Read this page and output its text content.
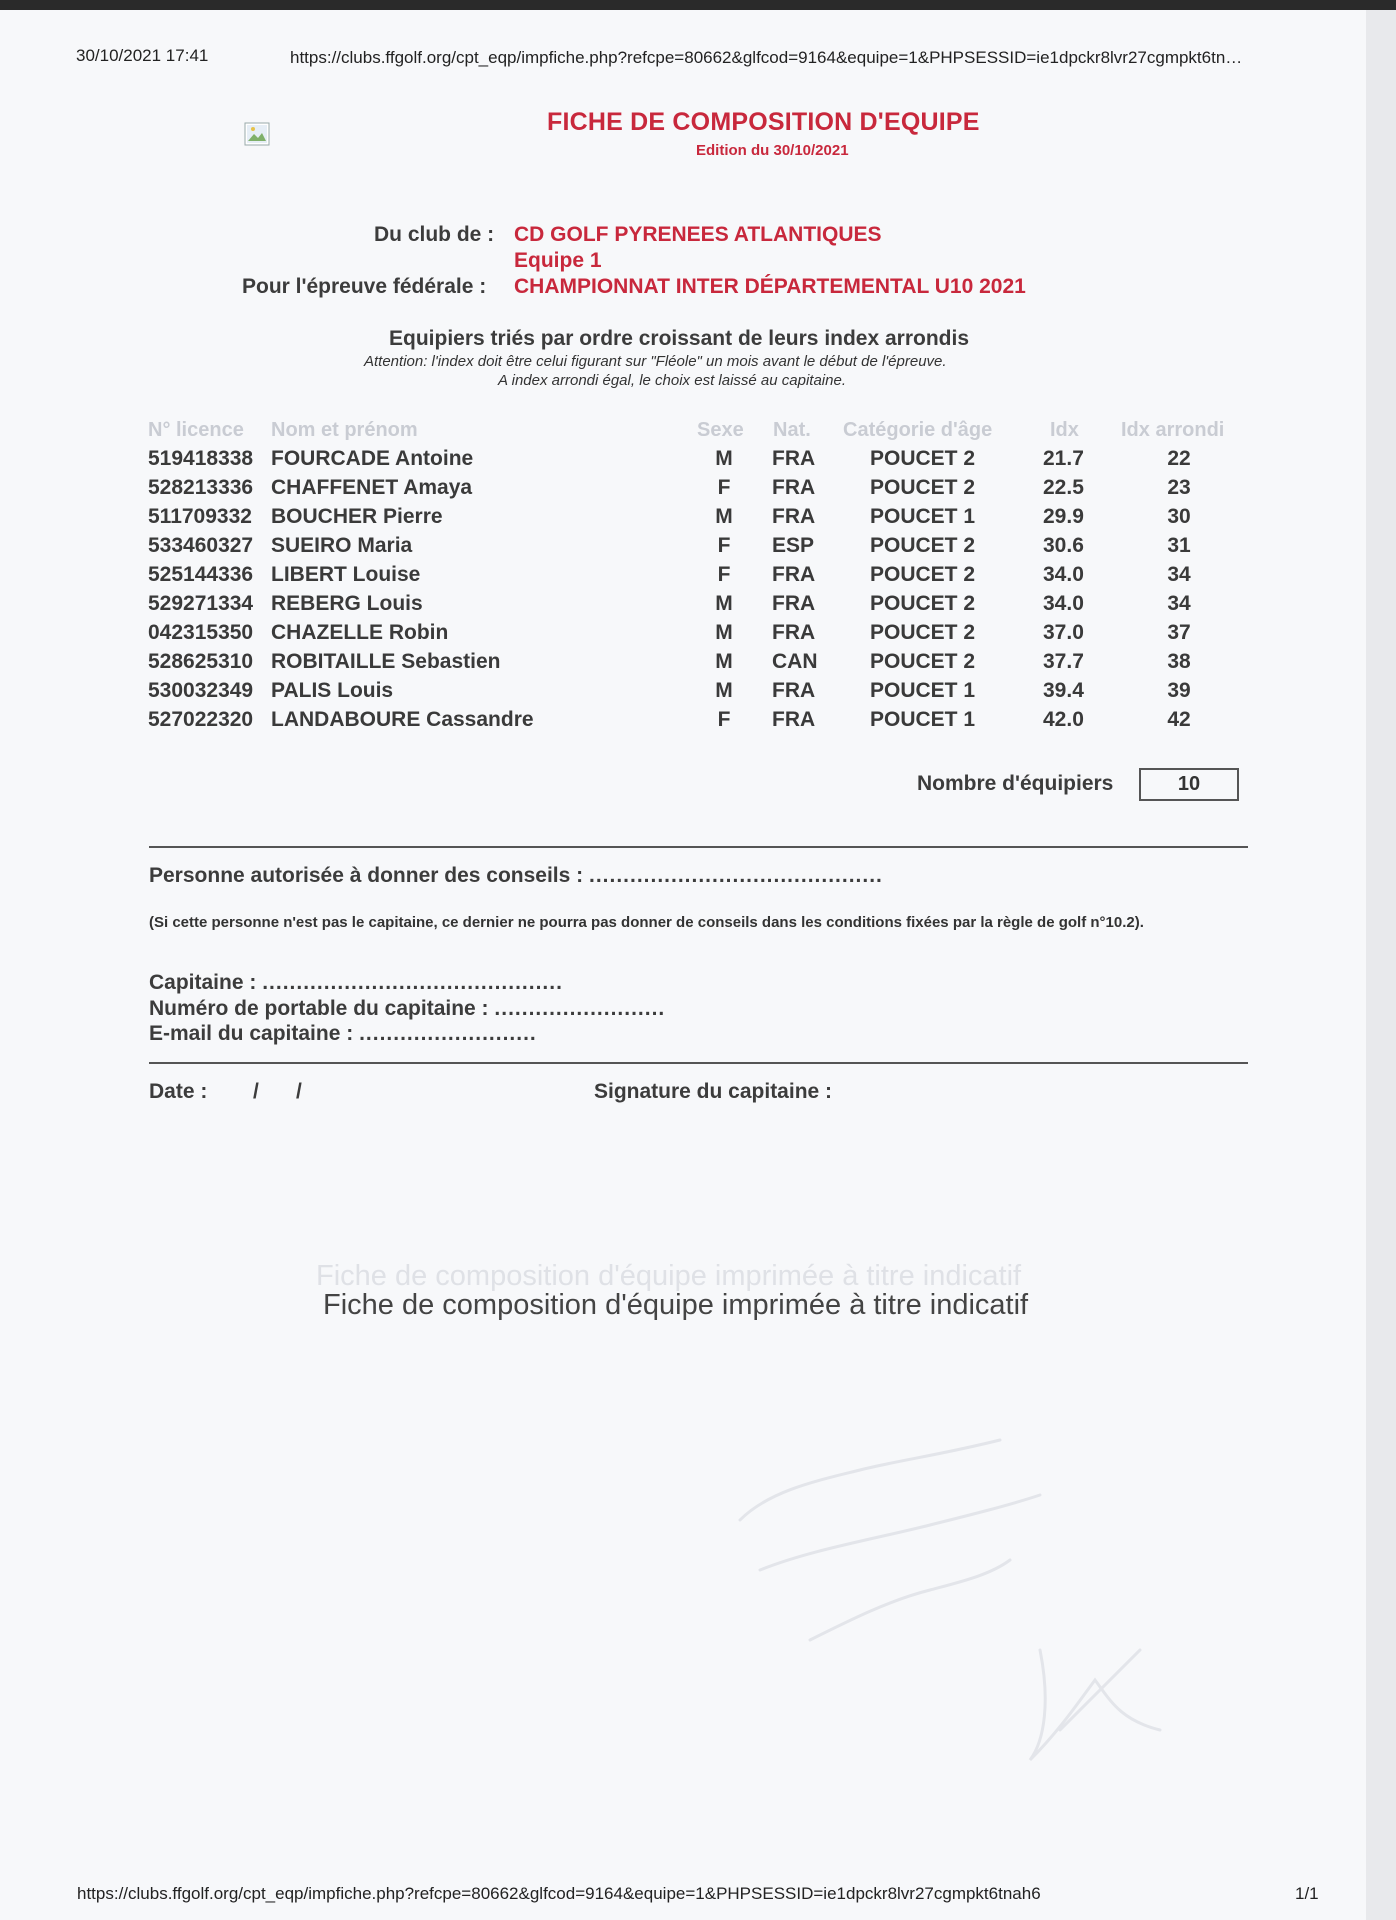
30/10/2021 17:41	https://clubs.ffgolf.org/cpt_eqp/impfiche.php?refcpe=80662&glfcod=9164&equipe=1&PHPSESSID=ie1dpckr8lvr27cgmpkt6tn…
FICHE DE COMPOSITION D'EQUIPE
Edition du 30/10/2021
Du club de : CD GOLF PYRENEES ATLANTIQUES
Equipe 1
Pour l'épreuve fédérale : CHAMPIONNAT INTER DÉPARTEMENTAL U10 2021
Equipiers triés par ordre croissant de leurs index arrondis
Attention: l'index doit être celui figurant sur "Fléole" un mois avant le début de l'épreuve.
A index arrondi égal, le choix est laissé au capitaine.
N° licence Nom et prénom	Sexe Nat. Catégorie d'âge	Idx Idx arrondi
519418338 FOURCADE Antoine	M FRA	POUCET 2	21.7	22
528213336 CHAFFENET Amaya	F FRA	POUCET 2	22.5	23
511709332 BOUCHER Pierre	M FRA	POUCET 1	29.9	30
533460327 SUEIRO Maria	F ESP	POUCET 2	30.6	31
525144336 LIBERT Louise	F FRA	POUCET 2	34.0	34
529271334 REBERG Louis	M FRA	POUCET 2	34.0	34
042315350 CHAZELLE Robin	M FRA	POUCET 2	37.0	37
528625310 ROBITAILLE Sebastien	M CAN	POUCET 2	37.7	38
530032349 PALIS Louis	M FRA	POUCET 1	39.4	39
527022320 LANDABOURE Cassandre	F FRA	POUCET 1	42.0	42
Nombre d'équipiers	10
Personne autorisée à donner des conseils : ...........................................
(Si cette personne n'est pas le capitaine, ce dernier ne pourra pas donner de conseils dans les conditions fixées par la règle de golf n°10.2).
Capitaine : ............................................
Numéro de portable du capitaine : .........................
E-mail du capitaine : ..........................
Date : / /	Signature du capitaine :
Fiche de composition d'équipe imprimée à titre indicatif
Fiche de composition d'équipe imprimée à titre indicatif
https://clubs.ffgolf.org/cpt_eqp/impfiche.php?refcpe=80662&glfcod=9164&equipe=1&PHPSESSID=ie1dpckr8lvr27cgmpkt6tnah6	1/1
